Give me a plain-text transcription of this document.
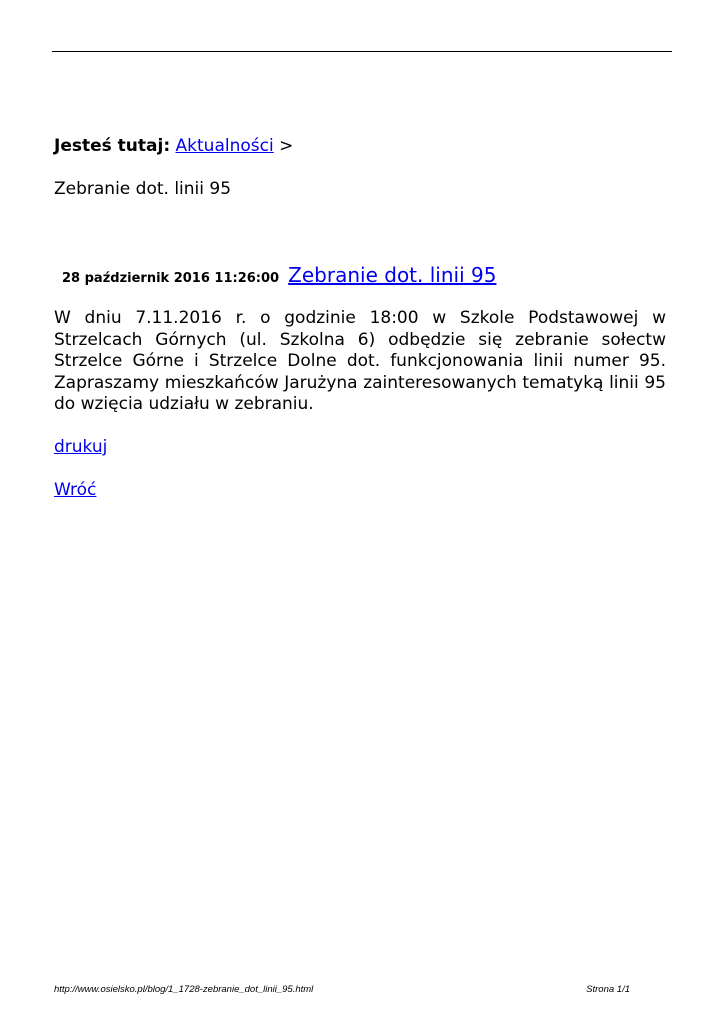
Jesteś tutaj: Aktualności >
Zebranie dot. linii 95
28 październik 2016 11:26:00 Zebranie dot. linii 95
W dniu 7.11.2016 r. o godzinie 18:00 w Szkole Podstawowej w Strzelcach Górnych (ul. Szkolna 6) odbędzie się zebranie sołectw Strzelce Górne i Strzelce Dolne dot. funkcjonowania linii numer 95. Zapraszamy mieszkańców Jarużyna zainteresowanych tematyką linii 95 do wzięcia udziału w zebraniu.
drukuj
Wróć
http://www.osielsko.pl/blog/1_1728-zebranie_dot_linii_95.html	Strona 1/1
